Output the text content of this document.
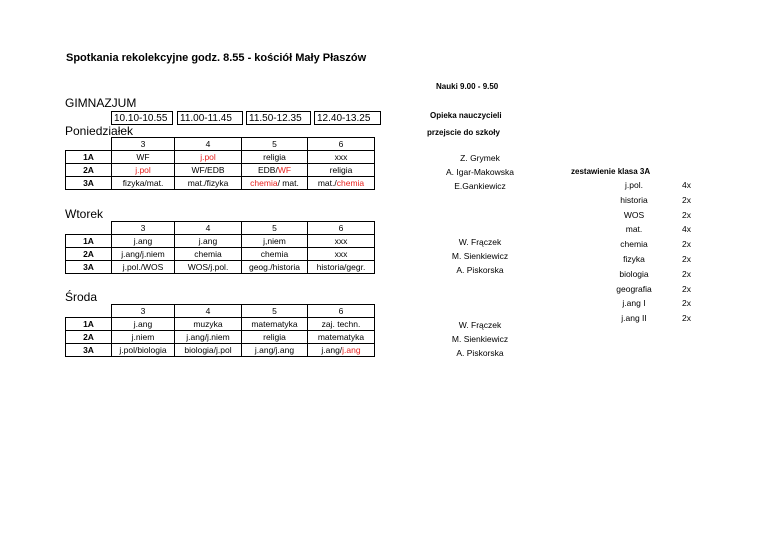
Spotkania rekolekcyjne godz. 8.55 - kościół Mały Płaszów
Nauki 9.00 - 9.50
GIMNAZJUM
10.10-10.55	11.00-11.45	11.50-12.35	12.40-13.25	Opieka nauczycieli
przejscie do szkoły
Poniedziałek
Wtorek
Środa
	3	4	5	6
1A	WF	j.pol	religia	xxx
2A	j.pol	WF/EDB	EDB/WF	religia
3A	fizyka/mat.	mat./fizyka	chemia/ mat.	mat./chemia
Z. Grymek
A. Igar-Makowska
E.Gankiewicz
	3	4	5	6
1A	j.ang	j.ang	j,niem	xxx
2A	j.ang/j.niem	chemia	chemia	xxx
3A	j.pol./WOS	WOS/j.pol.	geog./historia	historia/gegr.
W. Frączek
M. Sienkiewicz
A. Piskorska
	3	4	5	6
1A	j.ang	muzyka	matematyka	zaj. techn.
2A	j.niem	j.ang/j.niem	religia	matematyka
3A	j.pol/biologia	biologia/j.pol	j.ang/j.ang	j.ang/j.ang
W. Frączek
M. Sienkiewicz
A. Piskorska
zestawienie klasa 3A
j.pol.	4x
historia	2x
WOS	2x
mat.	4x
chemia	2x
fizyka	2x
biologia	2x
geografia	2x
j.ang I	2x
j.ang II	2x
